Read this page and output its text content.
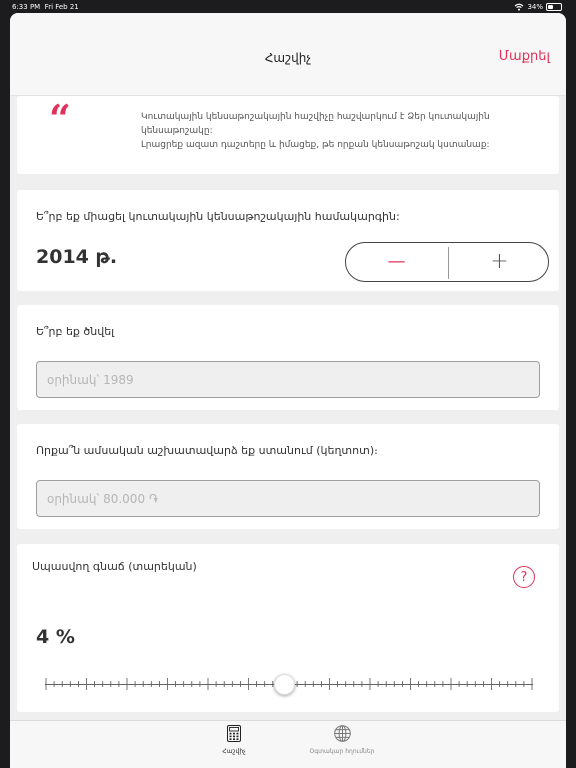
6:33 PM Fri Feb 21	34%
Հաշվիչ	Մաքրել
“	Կուտակային կենսաթոշակային հաշվիչը հաշվարկում է Ձեր կուտակային կենսաթոշակը:
Լրացրեք ազատ դաշտերը և իմացեք, թե որքան կենսաթոշակ կստանաք:
Ե՞րբ եք միացել կուտակային կենսաթոշակային համակարգին:
2014 թ.	—	+
Ե՞րբ եք ծնվել
օրինակ՝ 1989
Որքա՞ն ամսական աշխատավարձ եք ստանում (կեղտոտ)։
օրինակ՝ 80.000 ֏
Սպասվող գնաճ (տարեկան)
?
4 %
Հաշվիչ	Օգտակար հղումներ
